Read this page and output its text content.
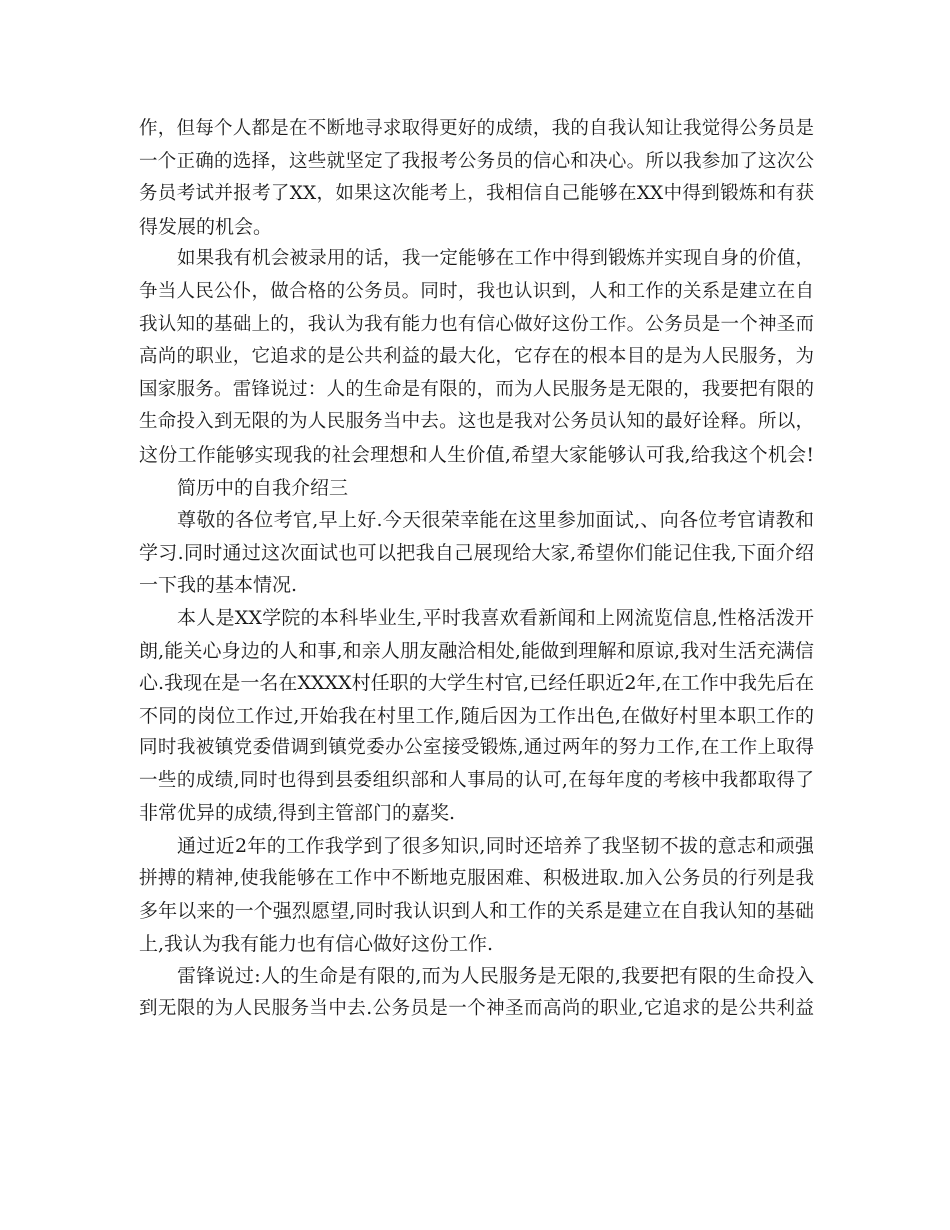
作，但每个人都是在不断地寻求取得更好的成绩，我的自我认知让我觉得公务员是
一个正确的选择，这些就坚定了我报考公务员的信心和决心。所以我参加了这次公
务员考试并报考了XX，如果这次能考上，我相信自己能够在XX中得到锻炼和有获
得发展的机会。
如果我有机会被录用的话，我一定能够在工作中得到锻炼并实现自身的价值，
争当人民公仆，做合格的公务员。同时，我也认识到，人和工作的关系是建立在自
我认知的基础上的，我认为我有能力也有信心做好这份工作。公务员是一个神圣而
高尚的职业，它追求的是公共利益的最大化，它存在的根本目的是为人民服务，为
国家服务。雷锋说过：人的生命是有限的，而为人民服务是无限的，我要把有限的
生命投入到无限的为人民服务当中去。这也是我对公务员认知的最好诠释。所以，
这份工作能够实现我的社会理想和人生价值,希望大家能够认可我,给我这个机会!
简历中的自我介绍三
尊敬的各位考官,早上好.今天很荣幸能在这里参加面试,、向各位考官请教和
学习.同时通过这次面试也可以把我自己展现给大家,希望你们能记住我,下面介绍
一下我的基本情况.
本人是XX学院的本科毕业生,平时我喜欢看新闻和上网流览信息,性格活泼开
朗,能关心身边的人和事,和亲人朋友融洽相处,能做到理解和原谅,我对生活充满信
心.我现在是一名在XXXX村任职的大学生村官,已经任职近2年,在工作中我先后在
不同的岗位工作过,开始我在村里工作,随后因为工作出色,在做好村里本职工作的
同时我被镇党委借调到镇党委办公室接受锻炼,通过两年的努力工作,在工作上取得
一些的成绩,同时也得到县委组织部和人事局的认可,在每年度的考核中我都取得了
非常优异的成绩,得到主管部门的嘉奖.
通过近2年的工作我学到了很多知识,同时还培养了我坚韧不拔的意志和顽强
拼搏的精神,使我能够在工作中不断地克服困难、积极进取.加入公务员的行列是我
多年以来的一个强烈愿望,同时我认识到人和工作的关系是建立在自我认知的基础
上,我认为我有能力也有信心做好这份工作.
雷锋说过:人的生命是有限的,而为人民服务是无限的,我要把有限的生命投入
到无限的为人民服务当中去.公务员是一个神圣而高尚的职业,它追求的是公共利益
